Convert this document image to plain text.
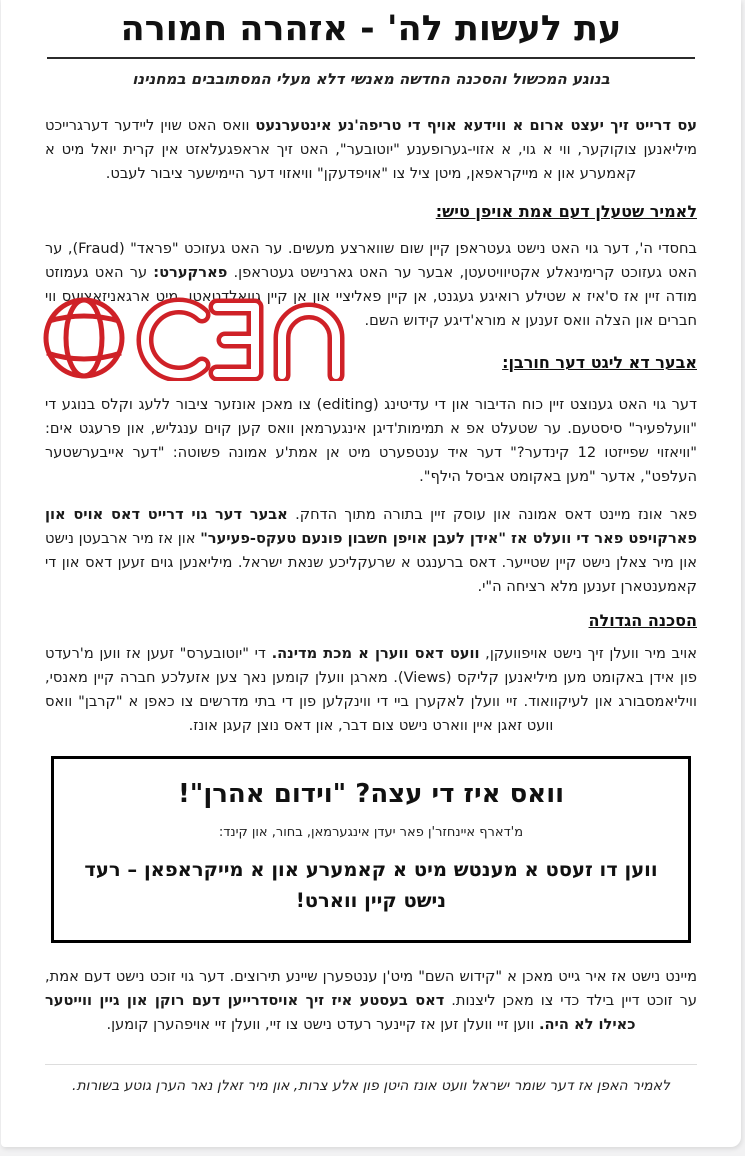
עת לעשות לה' - אזהרה חמורה
בנוגע המכשול והסכנה החדשה מאנשי דלא מעלי המסתובבים במחנינו

עס דרייט זיך יעצט ארום א ווידעא אויף די טריפה'נע אינטערנעט וואס האט שוין ליידער דערגרייכט מיליאנען צוקוקער, ווי א גוי, א אזוי-גערופענע "יוטובער", האט זיך אראפגעלאזט אין קרית יואל מיט א קאמערע און א מייקראפאן, מיטן ציל צו "אויפדעקן" וויאזוי דער היימישער ציבור לעבט.

לאמיר שטעלן דעם אמת אויפן טיש:

בחסדי ה', דער גוי האט נישט געטראפן קיין שום שווארצע מעשים. ער האט געזוכט "פראד" (Fraud), ער האט געזוכט קרימינאלע אקטיוויטעטן, אבער ער האט גארנישט געטראפן. פארקערט: ער האט געמוזט מודה זיין אז ס'איז א שטילע רואיגע געגנט, אן קיין פאליציי און אן קיין גוואלדטאטן, מיט ארגאניזאציעס ווי חברים און הצלה וואס זענען א מורא'דיגע קידוש השם.

אבער דא ליגט דער חורבן:

דער גוי האט גענוצט זיין כוח הדיבור און די עדיטינג (editing) צו מאכן אונזער ציבור ללעג וקלס בנוגע די "וועלפעיר" סיסטעם. ער שטעלט אפ א תמימות'דיגן אינגערמאן וואס קען קוים ענגליש, און פרעגט אים: "וויאזוי שפייזטו 12 קינדער?" דער איד ענטפערט מיט אן אמת'ע אמונה פשוטה: "דער אייבערשטער העלפט", אדער "מען באקומט אביסל הילף".

פאר אונז מיינט דאס אמונה און עוסק זיין בתורה מתוך הדחק. אבער דער גוי דרייט דאס אויס און פארקויפט פאר די וועלט אז "אידן לעבן אויפן חשבון פונעם טעקס-פעיער" און אז מיר ארבעטן נישט און מיר צאלן נישט קיין שטייער. דאס ברענגט א שרעקליכע שנאת ישראל. מיליאנען גוים זעען דאס און די קאמענטארן זענען מלא רציחה ה"י.

הסכנה הגדולה

אויב מיר וועלן זיך נישט אויפוועקן, וועט דאס ווערן א מכת מדינה. די "יוטובערס" זעען אז ווען מ'רעדט פון אידן באקומט מען מיליאנען קליקס (Views). מארגן וועלן קומען נאך צען אזעלכע חברה קיין מאנסי, וויליאמסבורג און לעיקוואוד. זיי וועלן לאקערן ביי די ווינקלען פון די בתי מדרשים צו כאפן א "קרבן" וואס וועט זאגן איין ווארט נישט צום דבר, און דאס נוצן קעגן אונז.

וואס איז די עצה? "וידום אהרן"!
מ'דארף איינחזר'ן פאר יעדן אינגערמאן, בחור, און קינד:
ווען דו זעסט א מענטש מיט א קאמערע און א מייקראפאן – רעד נישט קיין ווארט!

מיינט נישט אז איר גייט מאכן א "קידוש השם" מיט'ן ענטפערן שיינע תירוצים. דער גוי זוכט נישט דעם אמת, ער זוכט דיין בילד כדי צו מאכן ליצנות. דאס בעסטע איז זיך אויסדרייען דעם רוקן און גיין ווייטער כאילו לא היה. ווען זיי וועלן זען אז קיינער רעדט נישט צו זיי, וועלן זיי אויפהערן קומען.

לאמיר האפן אז דער שומר ישראל וועט אונז היטן פון אלע צרות, און מיר זאלן נאר הערן גוטע בשורות.
